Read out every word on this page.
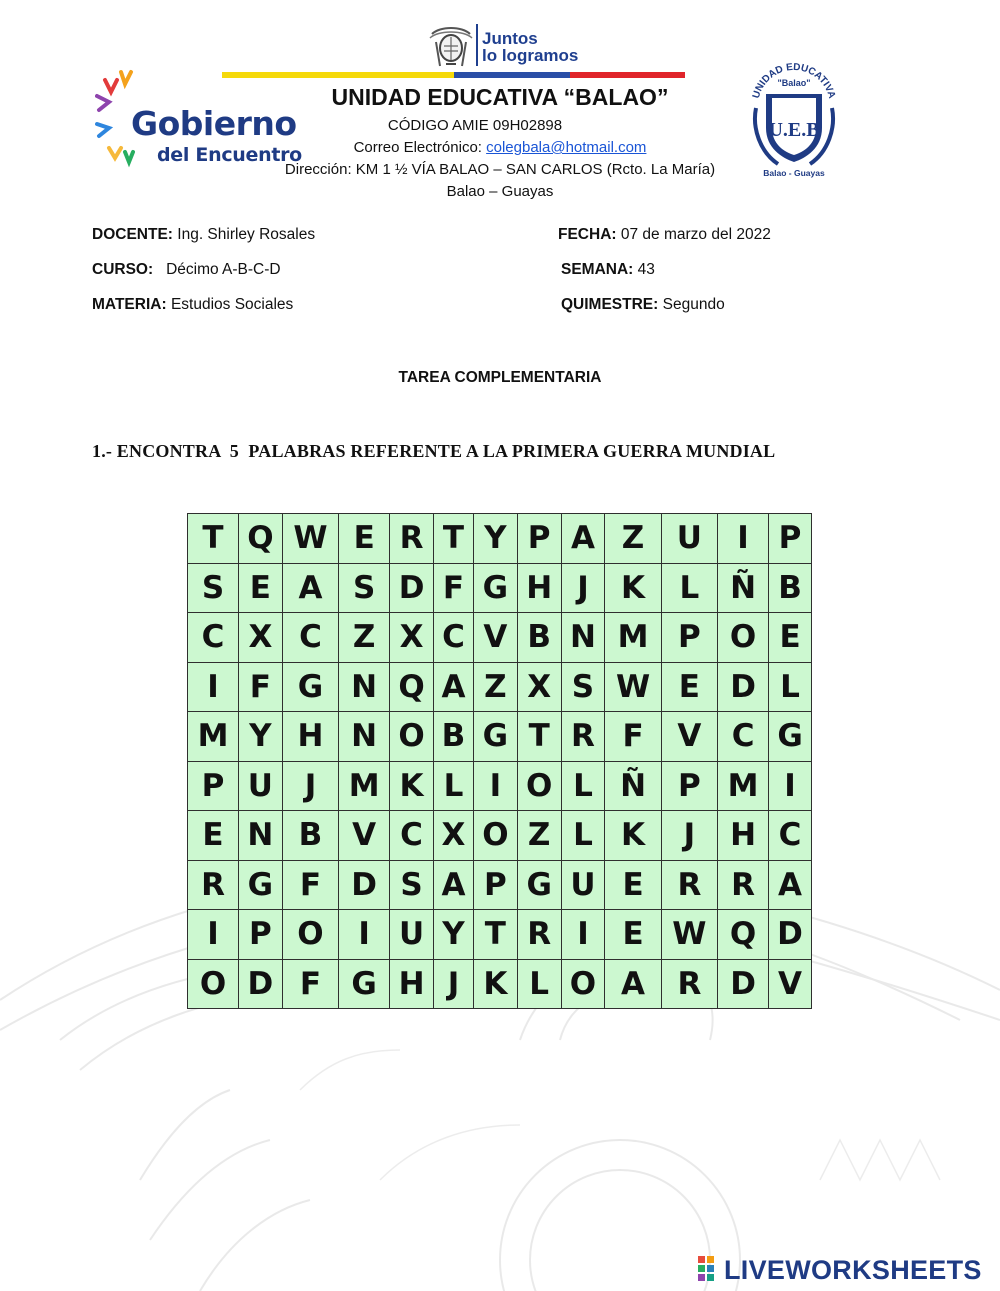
Juntos
lo logramos
Gobierno
del Encuentro
UNIDAD EDUCATIVA
"Balao"
U.E.B
Balao - Guayas
UNIDAD EDUCATIVA “BALAO”
CÓDIGO AMIE 09H02898
Correo Electrónico: colegbala@hotmail.com
Dirección: KM 1 ½ VÍA BALAO – SAN CARLOS (Rcto. La María)
Balao – Guayas
DOCENTE: Ing. Shirley Rosales	FECHA: 07 de marzo del 2022
CURSO: Décimo A-B-C-D	SEMANA: 43
MATERIA: Estudios Sociales	QUIMESTRE: Segundo
TAREA COMPLEMENTARIA
1.- ENCONTRA  5  PALABRAS REFERENTE A LA PRIMERA GUERRA MUNDIAL
T	Q	W	E	R	T	Y	P	A	Z	U	I	P
S	E	A	S	D	F	G	H	J	K	L	Ñ	B
C	X	C	Z	X	C	V	B	N	M	P	O	E
I	F	G	N	Q	A	Z	X	S	W	E	D	L
M	Y	H	N	O	B	G	T	R	F	V	C	G
P	U	J	M	K	L	I	O	L	Ñ	P	M	I
E	N	B	V	C	X	O	Z	L	K	J	H	C
R	G	F	D	S	A	P	G	U	E	R	R	A
I	P	O	I	U	Y	T	R	I	E	W	Q	D
O	D	F	G	H	J	K	L	O	A	R	D	V
LIVEWORKSHEETS
